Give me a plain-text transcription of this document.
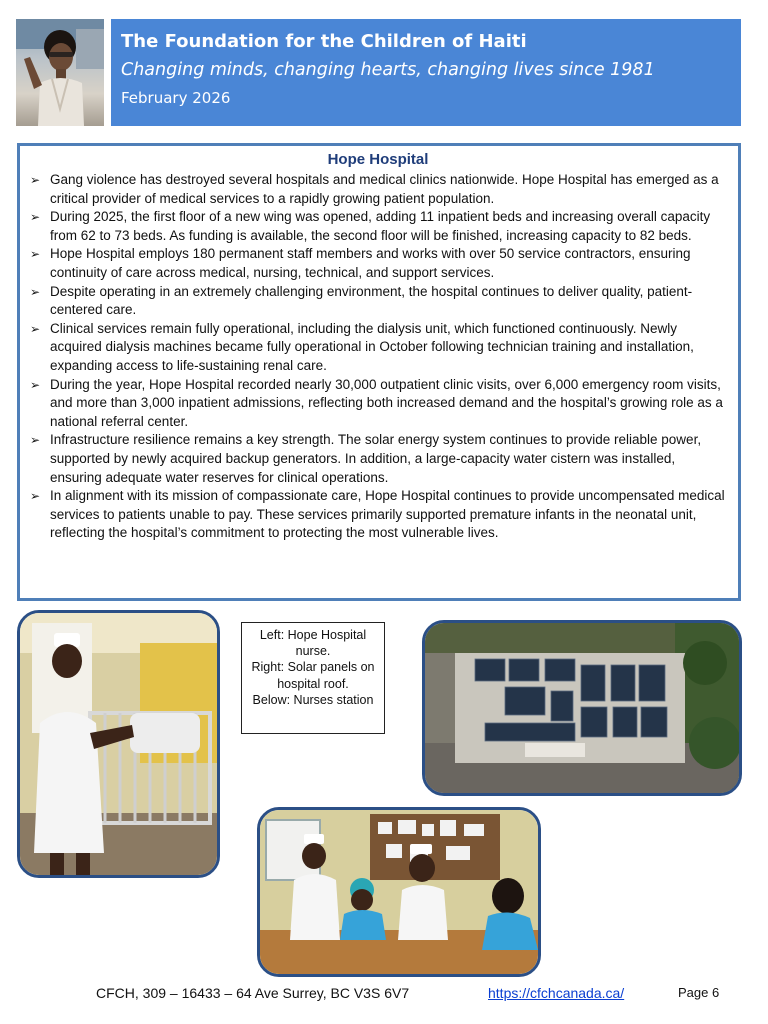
The Foundation for the Children of Haiti
Changing minds, changing hearts, changing lives since 1981
February 2026
Hope Hospital
➢ Gang violence has destroyed several hospitals and medical clinics nationwide. Hope Hospital has emerged as a critical provider of medical services to a rapidly growing patient population.
➢ During 2025, the first floor of a new wing was opened, adding 11 inpatient beds and increasing overall capacity from 62 to 73 beds. As funding is available, the second floor will be finished, increasing capacity to 82 beds.
➢ Hope Hospital employs 180 permanent staff members and works with over 50 service contractors, ensuring continuity of care across medical, nursing, technical, and support services.
➢ Despite operating in an extremely challenging environment, the hospital continues to deliver quality, patient-centered care.
➢ Clinical services remain fully operational, including the dialysis unit, which functioned continuously. Newly acquired dialysis machines became fully operational in October following technician training and installation, expanding access to life-sustaining renal care.
➢ During the year, Hope Hospital recorded nearly 30,000 outpatient clinic visits, over 6,000 emergency room visits, and more than 3,000 inpatient admissions, reflecting both increased demand and the hospital’s growing role as a national referral center.
➢ Infrastructure resilience remains a key strength. The solar energy system continues to provide reliable power, supported by newly acquired backup generators. In addition, a large-capacity water cistern was installed, ensuring adequate water reserves for clinical operations.
➢ In alignment with its mission of compassionate care, Hope Hospital continues to provide uncompensated medical services to patients unable to pay. These services primarily supported premature infants in the neonatal unit, reflecting the hospital’s commitment to protecting the most vulnerable lives.
Left: Hope Hospital nurse.
Right: Solar panels on hospital roof.
Below: Nurses station
CFCH, 309 – 16433 – 64 Ave Surrey, BC V3S 6V7	https://cfchcanada.ca/	Page 6
